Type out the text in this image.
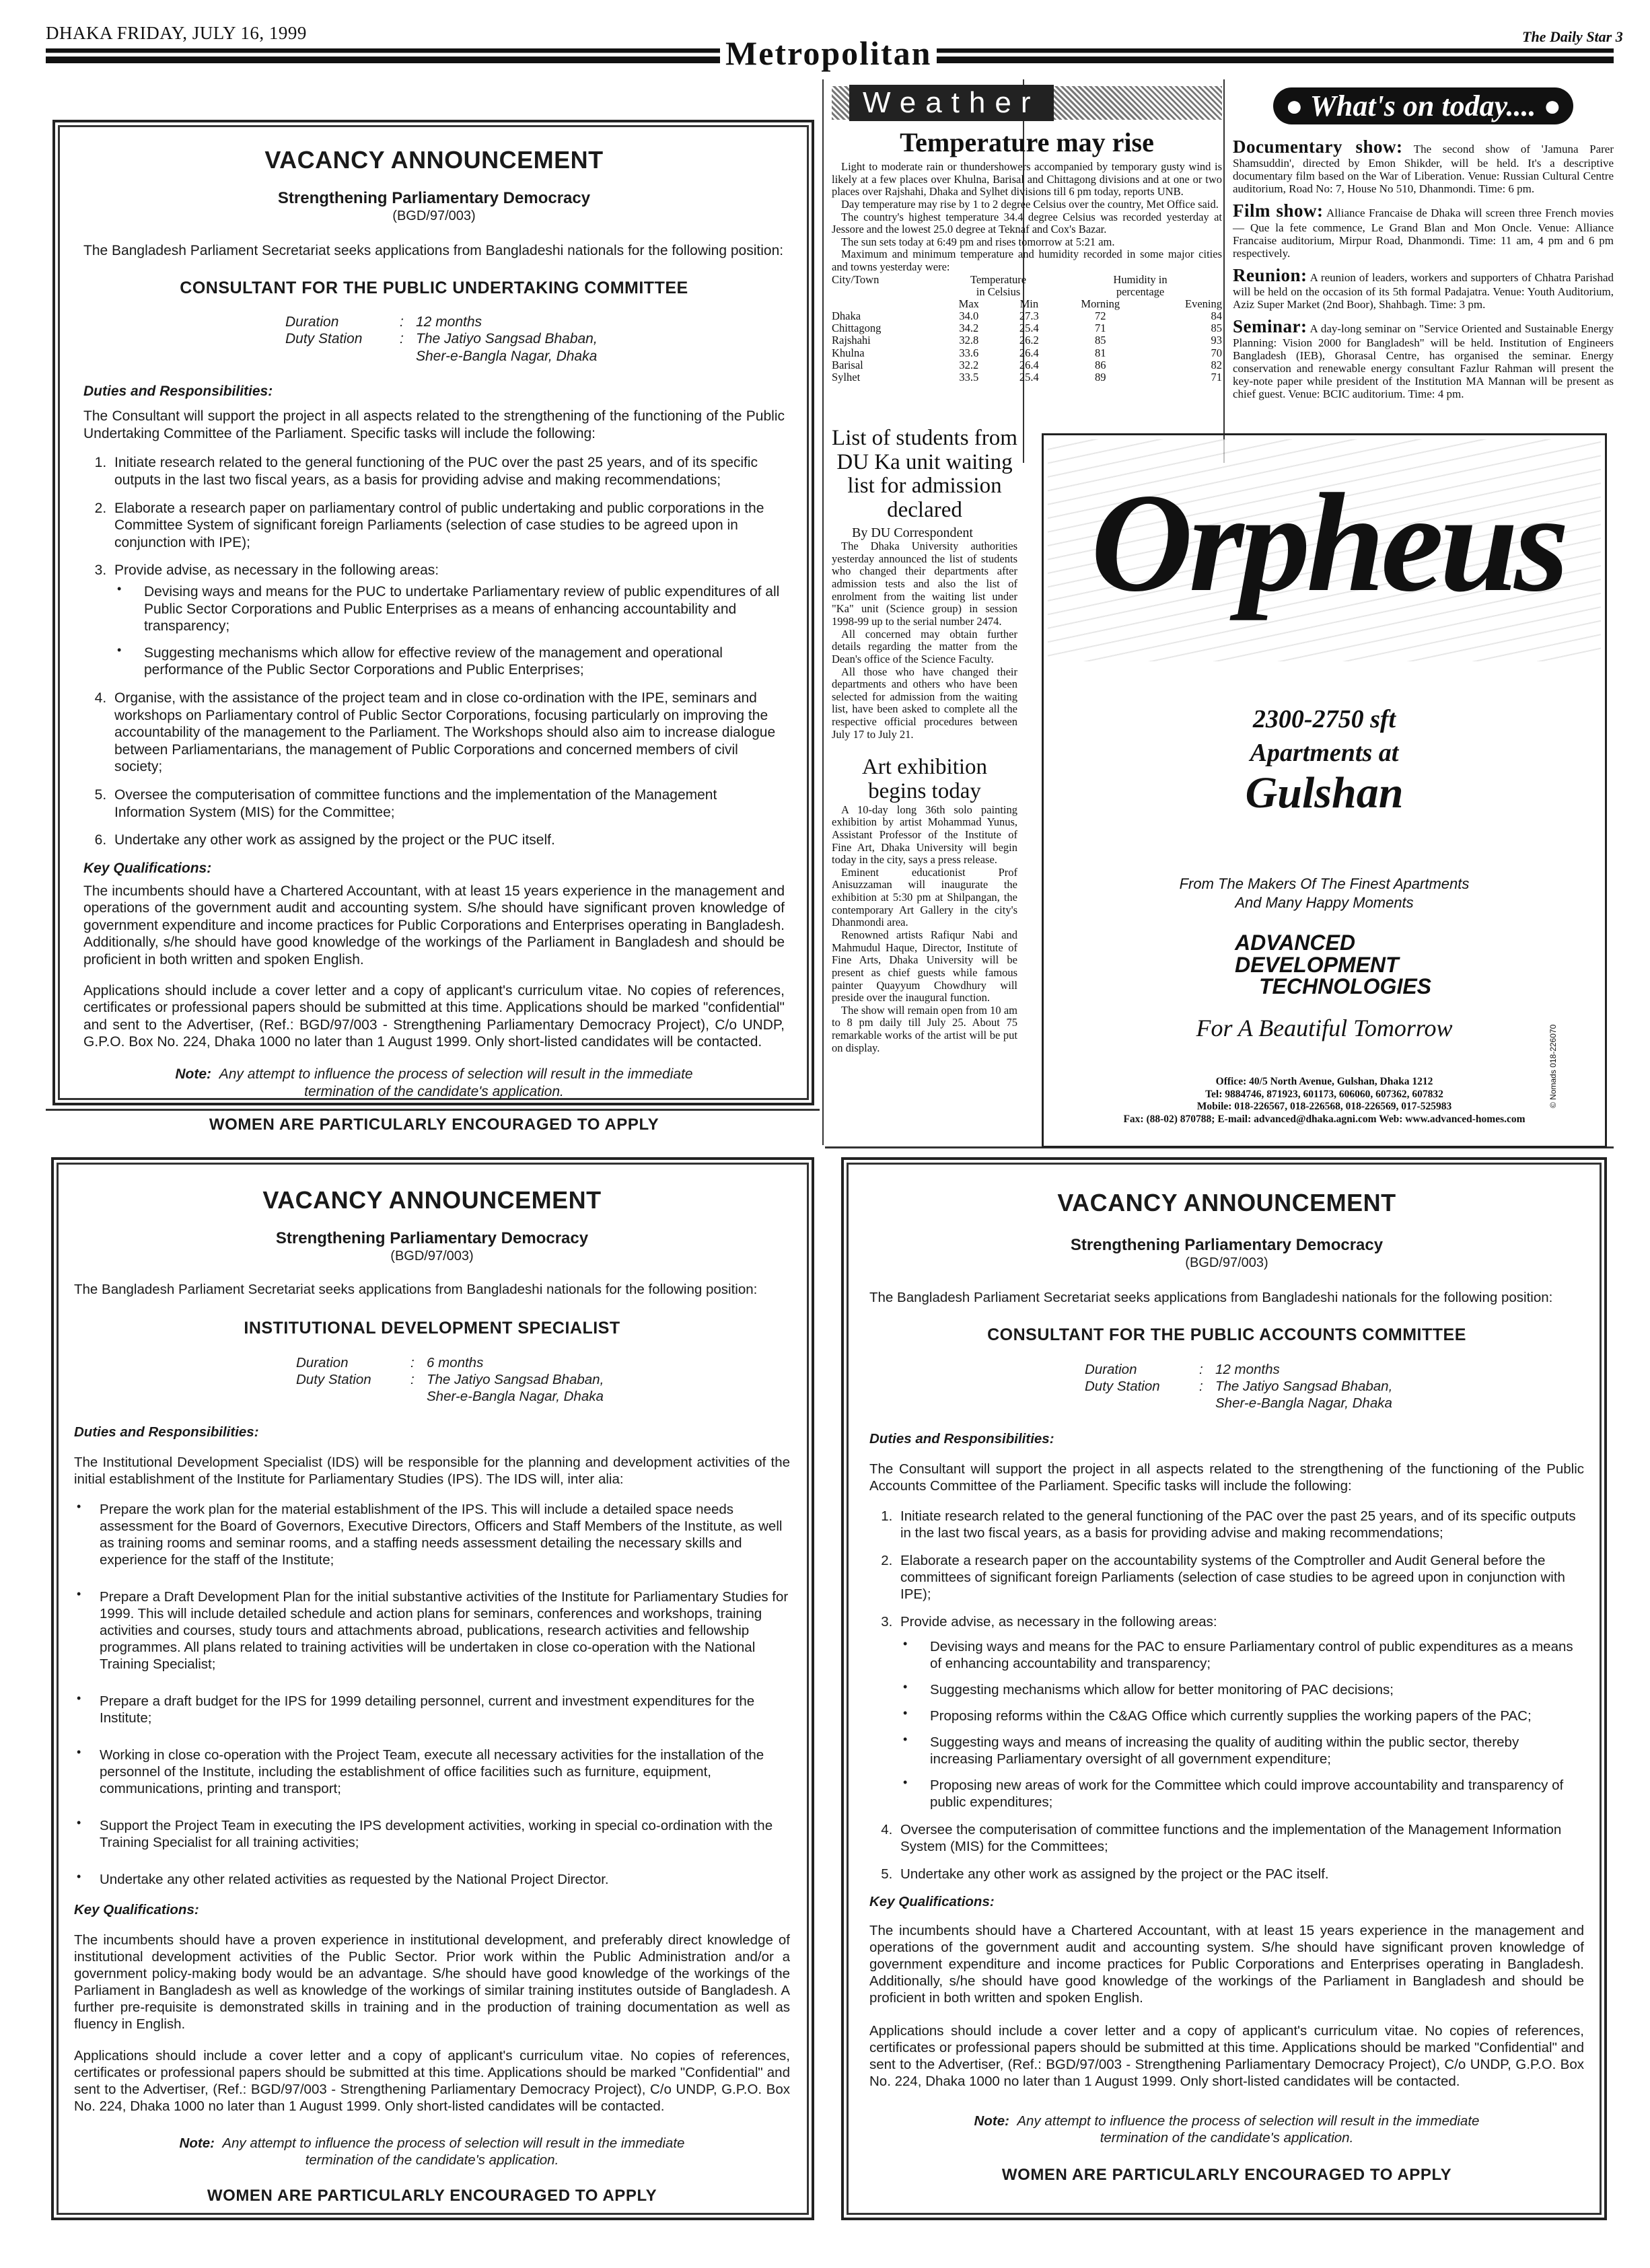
DHAKA FRIDAY, JULY 16, 1999
Metropolitan	The Daily Star 3
VACANCY ANNOUNCEMENT
Strengthening Parliamentary Democracy
(BGD/97/003)

The Bangladesh Parliament Secretariat seeks applications from Bangladeshi nationals for the following position:

CONSULTANT FOR THE PUBLIC UNDERTAKING COMMITTEE
Duration	: 12 months
Duty Station	: The Jatiyo Sangsad Bhaban,
Sher-e-Bangla Nagar, Dhaka
Duties and Responsibilities:

The Consultant will support the project in all aspects related to the strengthening of the functioning of the Public Undertaking Committee of the Parliament. Specific tasks will include the following:

1. Initiate research related to the general functioning of the PUC over the past 25 years, and of its specific outputs in the last two fiscal years, as a basis for providing advise and making recommendations;
2. Elaborate a research paper on parliamentary control of public undertaking and public corporations in the Committee System of significant foreign Parliaments (selection of case studies to be agreed upon in conjunction with IPE);
3. Provide advise, as necessary in the following areas:
• Devising ways and means for the PUC to undertake Parliamentary review of public expenditures of all Public Sector Corporations and Public Enterprises as a means of enhancing accountability and transparency;
• Suggesting mechanisms which allow for effective review of the management and operational performance of the Public Sector Corporations and Public Enterprises;
4. Organise, with the assistance of the project team and in close co-ordination with the IPE, seminars and workshops on Parliamentary control of Public Sector Corporations, focusing particularly on improving the accountability of the management to the Parliament. The Workshops should also aim to increase dialogue between Parliamentarians, the management of Public Corporations and concerned members of civil society;
5. Oversee the computerisation of committee functions and the implementation of the Management Information System (MIS) for the Committee;
6. Undertake any other work as assigned by the project or the PUC itself.
Key Qualifications:

The incumbents should have a Chartered Accountant, with at least 15 years experience in the management and operations of the government audit and accounting system. S/he should have significant proven knowledge of government expenditure and income practices for Public Corporations and Enterprises operating in Bangladesh. Additionally, s/he should have good knowledge of the workings of the Parliament in Bangladesh and should be proficient in both written and spoken English.

Applications should include a cover letter and a copy of applicant's curriculum vitae. No copies of references, certificates or professional papers should be submitted at this time. Applications should be marked "confidential" and sent to the Advertiser, (Ref.: BGD/97/003 - Strengthening Parliamentary Democracy Project), C/o UNDP, G.P.O. Box No. 224, Dhaka 1000 no later than 1 August 1999. Only short-listed candidates will be contacted.

Note: Any attempt to influence the process of selection will result in the immediate termination of the candidate's application.

WOMEN ARE PARTICULARLY ENCOURAGED TO APPLY
Weather
Temperature may rise

Light to moderate rain or thundershowers accompanied by temporary gusty wind is likely at a few places over Khulna, Barisal and Chittagong divisions and at one or two places over Rajshahi, Dhaka and Sylhet divisions till 6 pm today, reports UNB.

Day temperature may rise by 1 to 2 degree Celsius over the country, Met Office said.

The country's highest temperature 34.4 degree Celsius was recorded yesterday at Jessore and the lowest 25.0 degree at Teknaf and Cox's Bazar.

The sun sets today at 6:49 pm and rises tomorrow at 5:21 am.

Maximum and minimum temperature and humidity recorded in some major cities and towns yesterday were:

City/Town	Temperature		Humidity in	
	in Celsius		percentage	
	Max	Min	Morning	Evening
Dhaka	34.0	27.3	72	84
Chittagong	34.2	25.4	71	85
Rajshahi	32.8	26.2	85	93
Khulna	33.6	26.4	81	70
Barisal	32.2	26.4	86	82
Sylhet	33.5	25.4	89	71
List of students from DU Ka unit waiting list for admission declared
By DU Correspondent

The Dhaka University authorities yesterday announced the list of students who changed their departments after admission tests and also the list of enrolment from the waiting list under "Ka" unit (Science group) in session 1998-99 up to the serial number 2474.

All concerned may obtain further details regarding the matter from the Dean's office of the Science Faculty.

All those who have changed their departments and others who have been selected for admission from the waiting list, have been asked to complete all the respective official procedures between July 17 to July 21.

Art exhibition begins today

A 10-day long 36th solo painting exhibition by artist Mohammad Yunus, Assistant Professor of the Institute of Fine Art, Dhaka University will begin today in the city, says a press release.

Eminent educationist Prof Anisuzzaman will inaugurate the exhibition at 5:30 pm at Shilpangan, the contemporary Art Gallery in the city's Dhanmondi area.

Renowned artists Rafiqur Nabi and Mahmudul Haque, Director, Institute of Fine Arts, Dhaka University will be present as chief guests while famous painter Quayyum Chowdhury will preside over the inaugural function.

The show will remain open from 10 am to 8 pm daily till July 25. About 75 remarkable works of the artist will be put on display.

● What's on today.... ●

Documentary show: The second show of 'Jamuna Parer Shamsuddin', directed by Emon Shikder, will be held. It's a descriptive documentary film based on the War of Liberation. Venue: Russian Cultural Centre auditorium, Road No: 7, House No 510, Dhanmondi. Time: 6 pm.

Film show: Alliance Francaise de Dhaka will screen three French movies — Que la fete commence, Le Grand Blan and Mon Oncle. Venue: Alliance Francaise auditorium, Mirpur Road, Dhanmondi. Time: 11 am, 4 pm and 6 pm respectively.

Reunion: A reunion of leaders, workers and supporters of Chhatra Parishad will be held on the occasion of its 5th formal Padajatra. Venue: Youth Auditorium, Aziz Super Market (2nd Boor), Shahbagh. Time: 3 pm.

Seminar: A day-long seminar on "Service Oriented and Sustainable Energy Planning: Vision 2000 for Bangladesh" will be held. Institution of Engineers Bangladesh (IEB), Ghorasal Centre, has organised the seminar. Energy conservation and renewable energy consultant Fazlur Rahman will present the key-note paper while president of the Institution MA Mannan will be present as chief guest. Venue: BCIC auditorium. Time: 4 pm.

Orpheus
2300-2750 sft
Apartments at
Gulshan
From The Makers Of The Finest Apartments
And Many Happy Moments
ADVANCED
DEVELOPMENT
TECHNOLOGIES
For A Beautiful Tomorrow
Office: 40/5 North Avenue, Gulshan, Dhaka 1212
Tel: 9884746, 871923, 601173, 606060, 607362, 607832
Mobile: 018-226567, 018-226568, 018-226569, 017-525983
Fax: (88-02) 870788; E-mail: advanced@dhaka.agni.com Web: www.advanced-homes.com
© Nomads 018-226070
VACANCY ANNOUNCEMENT
Strengthening Parliamentary Democracy
(BGD/97/003)

The Bangladesh Parliament Secretariat seeks applications from Bangladeshi nationals for the following position:

INSTITUTIONAL DEVELOPMENT SPECIALIST
Duration	: 6 months
Duty Station	: The Jatiyo Sangsad Bhaban,
Sher-e-Bangla Nagar, Dhaka
Duties and Responsibilities:

The Institutional Development Specialist (IDS) will be responsible for the planning and development activities of the initial establishment of the Institute for Parliamentary Studies (IPS). The IDS will, inter alia:

• Prepare the work plan for the material establishment of the IPS. This will include a detailed space needs assessment for the Board of Governors, Executive Directors, Officers and Staff Members of the Institute, as well as training rooms and seminar rooms, and a staffing needs assessment detailing the necessary skills and experience for the staff of the Institute;
• Prepare a Draft Development Plan for the initial substantive activities of the Institute for Parliamentary Studies for 1999. This will include detailed schedule and action plans for seminars, conferences and workshops, training activities and courses, study tours and attachments abroad, publications, research activities and fellowship programmes. All plans related to training activities will be undertaken in close co-operation with the National Training Specialist;
• Prepare a draft budget for the IPS for 1999 detailing personnel, current and investment expenditures for the Institute;
• Working in close co-operation with the Project Team, execute all necessary activities for the installation of the personnel of the Institute, including the establishment of office facilities such as furniture, equipment, communications, printing and transport;
• Support the Project Team in executing the IPS development activities, working in special co-ordination with the Training Specialist for all training activities;
• Undertake any other related activities as requested by the National Project Director.
Key Qualifications:

The incumbents should have a proven experience in institutional development, and preferably direct knowledge of institutional development activities of the Public Sector. Prior work within the Public Administration and/or a government policy-making body would be an advantage. S/he should have good knowledge of the workings of the Parliament in Bangladesh as well as knowledge of the workings of similar training institutes outside of Bangladesh. A further pre-requisite is demonstrated skills in training and in the production of training documentation as well as fluency in English.

Applications should include a cover letter and a copy of applicant's curriculum vitae. No copies of references, certificates or professional papers should be submitted at this time. Applications should be marked "Confidential" and sent to the Advertiser, (Ref.: BGD/97/003 - Strengthening Parliamentary Democracy Project), C/o UNDP, G.P.O. Box No. 224, Dhaka 1000 no later than 1 August 1999. Only short-listed candidates will be contacted.

Note: Any attempt to influence the process of selection will result in the immediate termination of the candidate's application.

WOMEN ARE PARTICULARLY ENCOURAGED TO APPLY
VACANCY ANNOUNCEMENT
Strengthening Parliamentary Democracy
(BGD/97/003)

The Bangladesh Parliament Secretariat seeks applications from Bangladeshi nationals for the following position:

CONSULTANT FOR THE PUBLIC ACCOUNTS COMMITTEE
Duration	: 12 months
Duty Station	: The Jatiyo Sangsad Bhaban,
Sher-e-Bangla Nagar, Dhaka
Duties and Responsibilities:

The Consultant will support the project in all aspects related to the strengthening of the functioning of the Public Accounts Committee of the Parliament. Specific tasks will include the following:

1. Initiate research related to the general functioning of the PAC over the past 25 years, and of its specific outputs in the last two fiscal years, as a basis for providing advise and making recommendations;
2. Elaborate a research paper on the accountability systems of the Comptroller and Audit General before the committees of significant foreign Parliaments (selection of case studies to be agreed upon in conjunction with IPE);
3. Provide advise, as necessary in the following areas:
• Devising ways and means for the PAC to ensure Parliamentary control of public expenditures as a means of enhancing accountability and transparency;
• Suggesting mechanisms which allow for better monitoring of PAC decisions;
• Proposing reforms within the C&AG Office which currently supplies the working papers of the PAC;
• Suggesting ways and means of increasing the quality of auditing within the public sector, thereby increasing Parliamentary oversight of all government expenditure;
• Proposing new areas of work for the Committee which could improve accountability and transparency of public expenditures;
4. Oversee the computerisation of committee functions and the implementation of the Management Information System (MIS) for the Committees;
5. Undertake any other work as assigned by the project or the PAC itself.
Key Qualifications:

The incumbents should have a Chartered Accountant, with at least 15 years experience in the management and operations of the government audit and accounting system. S/he should have significant proven knowledge of government expenditure and income practices for Public Corporations and Enterprises operating in Bangladesh. Additionally, s/he should have good knowledge of the workings of the Parliament in Bangladesh and should be proficient in both written and spoken English.

Applications should include a cover letter and a copy of applicant's curriculum vitae. No copies of references, certificates or professional papers should be submitted at this time. Applications should be marked "Confidential" and sent to the Advertiser, (Ref.: BGD/97/003 - Strengthening Parliamentary Democracy Project), C/o UNDP, G.P.O. Box No. 224, Dhaka 1000 no later than 1 August 1999. Only short-listed candidates will be contacted.

Note: Any attempt to influence the process of selection will result in the immediate termination of the candidate's application.

WOMEN ARE PARTICULARLY ENCOURAGED TO APPLY
